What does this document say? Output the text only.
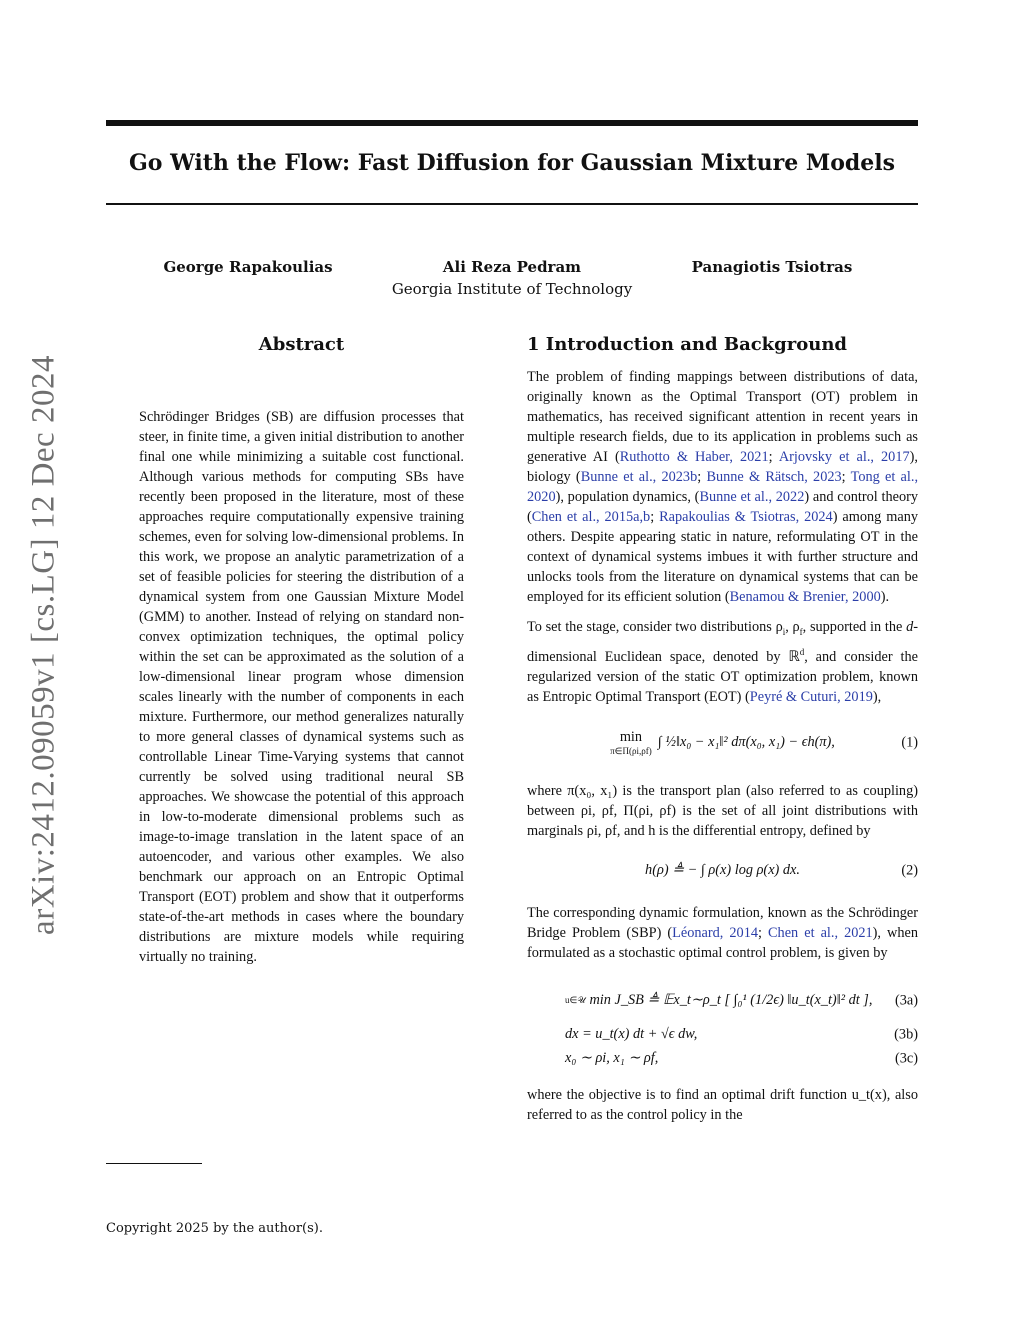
Go With the Flow: Fast Diffusion for Gaussian Mixture Models
George Rapakoulias	Ali Reza Pedram	Panagiotis Tsiotras
Georgia Institute of Technology
arXiv:2412.09059v1 [cs.LG] 12 Dec 2024
Abstract

Schrödinger Bridges (SB) are diffusion processes that steer, in finite time, a given initial distribution to another final one while minimizing a suitable cost functional. Although various methods for computing SBs have recently been proposed in the literature, most of these approaches require computationally expensive training schemes, even for solving low-dimensional problems. In this work, we propose an analytic parametrization of a set of feasible policies for steering the distribution of a dynamical system from one Gaussian Mixture Model (GMM) to another. Instead of relying on standard non-convex optimization techniques, the optimal policy within the set can be approximated as the solution of a low-dimensional linear program whose dimension scales linearly with the number of components in each mixture. Furthermore, our method generalizes naturally to more general classes of dynamical systems such as controllable Linear Time-Varying systems that cannot currently be solved using traditional neural SB approaches. We showcase the potential of this approach in low-to-moderate dimensional problems such as image-to-image translation in the latent space of an autoencoder, and various other examples. We also benchmark our approach on an Entropic Optimal Transport (EOT) problem and show that it outperforms state-of-the-art methods in cases where the boundary distributions are mixture models while requiring virtually no training.

1 Introduction and Background

The problem of finding mappings between distributions of data, originally known as the Optimal Transport (OT) problem in mathematics, has received significant attention in recent years in multiple research fields, due to its application in problems such as generative AI (Ruthotto & Haber, 2021; Arjovsky et al., 2017), biology (Bunne et al., 2023b; Bunne & Rätsch, 2023; Tong et al., 2020), population dynamics, (Bunne et al., 2022) and control theory (Chen et al., 2015a,b; Rapakoulias & Tsiotras, 2024) among many others. Despite appearing static in nature, reformulating OT in the context of dynamical systems imbues it with further structure and unlocks tools from the literature on dynamical systems that can be employed for its efficient solution (Benamou & Brenier, 2000).

To set the stage, consider two distributions $\rho_i$, $\rho_f$, supported in the d-dimensional Euclidean space, denoted by ℝ$^d$, and consider the regularized version of the static OT optimization problem, known as Entropic Optimal Transport (EOT) (Peyré & Cuturi, 2019),

min
π∈Π(ρi,ρf)
∫ ½‖x₀ − x₁‖² dπ(x₀, x₁) − ϵh(π),	(1)

where π(x₀, x₁) is the transport plan (also referred to as coupling) between ρi, ρf, Π(ρi, ρf) is the set of all joint distributions with marginals ρi, ρf, and h is the differential entropy, defined by

h(ρ) ≜ − ∫ ρ(x) log ρ(x) dx.	(2)

The corresponding dynamic formulation, known as the Schrödinger Bridge Problem (SBP) (Léonard, 2014; Chen et al., 2021), when formulated as a stochastic optimal control problem, is given by

u∈𝒰 min J_SB ≜ 𝔼x_t∼ρ_t [ ∫₀¹ (1/2ϵ) ‖u_t(x_t)‖² dt ], (3a)
dx = u_t(x) dt + √ϵ dw,	(3b)
x₀ ∼ ρi, x₁ ∼ ρf,	(3c)

where the objective is to find an optimal drift function u_t(x), also referred to as the control policy in the

Copyright 2025 by the author(s).
